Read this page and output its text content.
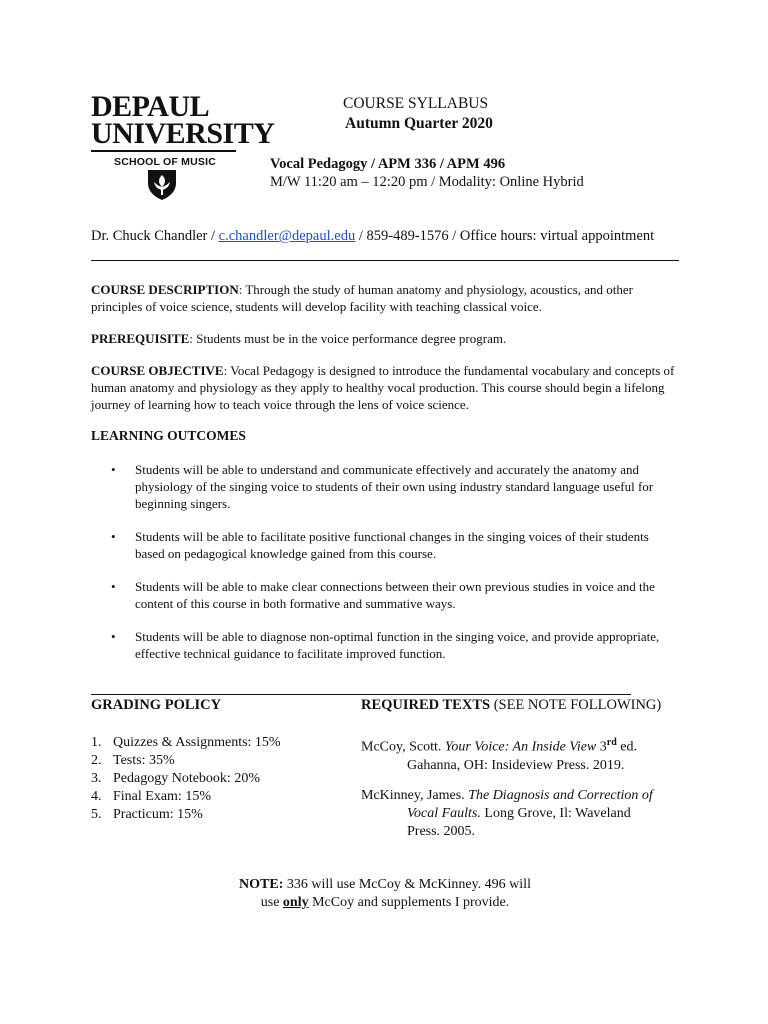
DEPAUL
UNIVERSITY
SCHOOL OF MUSIC
COURSE SYLLABUS
Autumn Quarter 2020
Vocal Pedagogy / APM 336 / APM 496
M/W 11:20 am – 12:20 pm / Modality: Online Hybrid
Dr. Chuck Chandler / c.chandler@depaul.edu / 859-489-1576 / Office hours: virtual appointment
COURSE DESCRIPTION: Through the study of human anatomy and physiology, acoustics, and other principles of voice science, students will develop facility with teaching classical voice.
PREREQUISITE: Students must be in the voice performance degree program.
COURSE OBJECTIVE: Vocal Pedagogy is designed to introduce the fundamental vocabulary and concepts of human anatomy and physiology as they apply to healthy vocal production. This course should begin a lifelong journey of learning how to teach voice through the lens of voice science.
LEARNING OUTCOMES
• Students will be able to understand and communicate effectively and accurately the anatomy and physiology of the singing voice to students of their own using industry standard language useful for beginning singers.
• Students will be able to facilitate positive functional changes in the singing voices of their students based on pedagogical knowledge gained from this course.
• Students will be able to make clear connections between their own previous studies in voice and the content of this course in both formative and summative ways.
• Students will be able to diagnose non-optimal function in the singing voice, and provide appropriate, effective technical guidance to facilitate improved function.
GRADING POLICY
1. Quizzes & Assignments: 15%
2. Tests: 35%
3. Pedagogy Notebook: 20%
4. Final Exam: 15%
5. Practicum: 15%
REQUIRED TEXTS (SEE NOTE FOLLOWING)
McCoy, Scott. Your Voice: An Inside View 3rd ed.
Gahanna, OH: Insideview Press. 2019.
McKinney, James. The Diagnosis and Correction of
Vocal Faults. Long Grove, Il: Waveland
Press. 2005.
NOTE: 336 will use McCoy & McKinney. 496 will
use only McCoy and supplements I provide.
